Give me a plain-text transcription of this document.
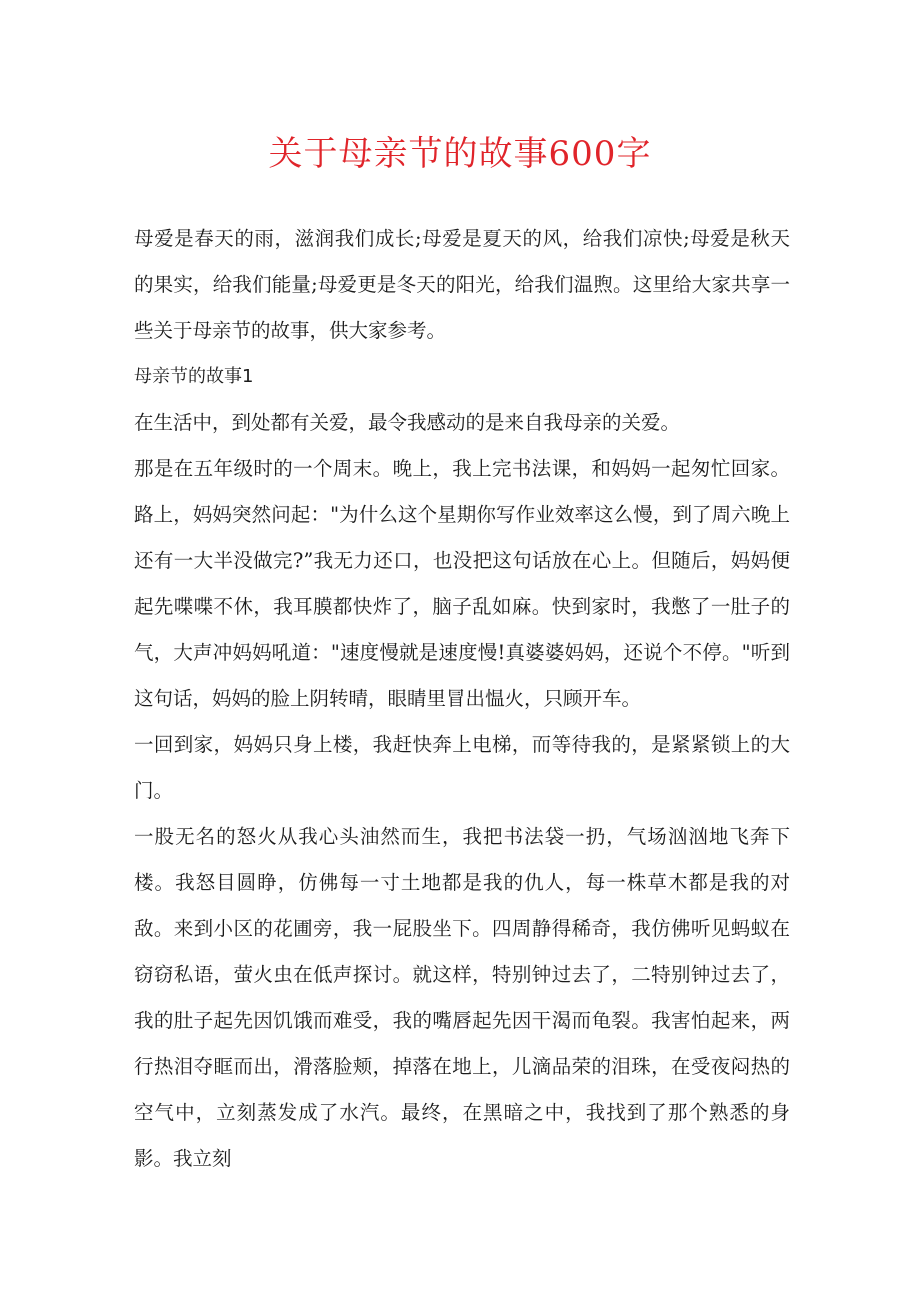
关于母亲节的故事600字

母爱是春天的雨，滋润我们成长;母爱是夏天的风，给我们凉快;母爱是秋天的果实，给我们能量;母爱更是冬天的阳光，给我们温煦。这里给大家共享一些关于母亲节的故事，供大家参考。

母亲节的故事1

在生活中，到处都有关爱，最令我感动的是来自我母亲的关爱。

那是在五年级时的一个周末。晚上，我上完书法课，和妈妈一起匆忙回家。路上，妈妈突然问起："为什么这个星期你写作业效率这么慢，到了周六晚上还有一大半没做完?”我无力还口，也没把这句话放在心上。但随后，妈妈便起先喋喋不休，我耳膜都快炸了，脑子乱如麻。快到家时，我憋了一肚子的气，大声冲妈妈吼道："速度慢就是速度慢!真婆婆妈妈，还说个不停。"听到这句话，妈妈的脸上阴转晴，眼睛里冒出愠火，只顾开车。

一回到家，妈妈只身上楼，我赶快奔上电梯，而等待我的，是紧紧锁上的大门。

一股无名的怒火从我心头油然而生，我把书法袋一扔，气场汹汹地飞奔下楼。我怒目圆睁，仿佛每一寸土地都是我的仇人，每一株草木都是我的对敌。来到小区的花圃旁，我一屁股坐下。四周静得稀奇，我仿佛听见蚂蚁在窃窃私语，萤火虫在低声探讨。就这样，特别钟过去了，二特别钟过去了，我的肚子起先因饥饿而难受，我的嘴唇起先因干渴而龟裂。我害怕起来，两行热泪夺眶而出，滑落脸颊，掉落在地上，儿滴品荣的泪珠，在受夜闷热的空气中，立刻蒸发成了水汽。最终，在黑暗之中，我找到了那个熟悉的身影。我立刻
